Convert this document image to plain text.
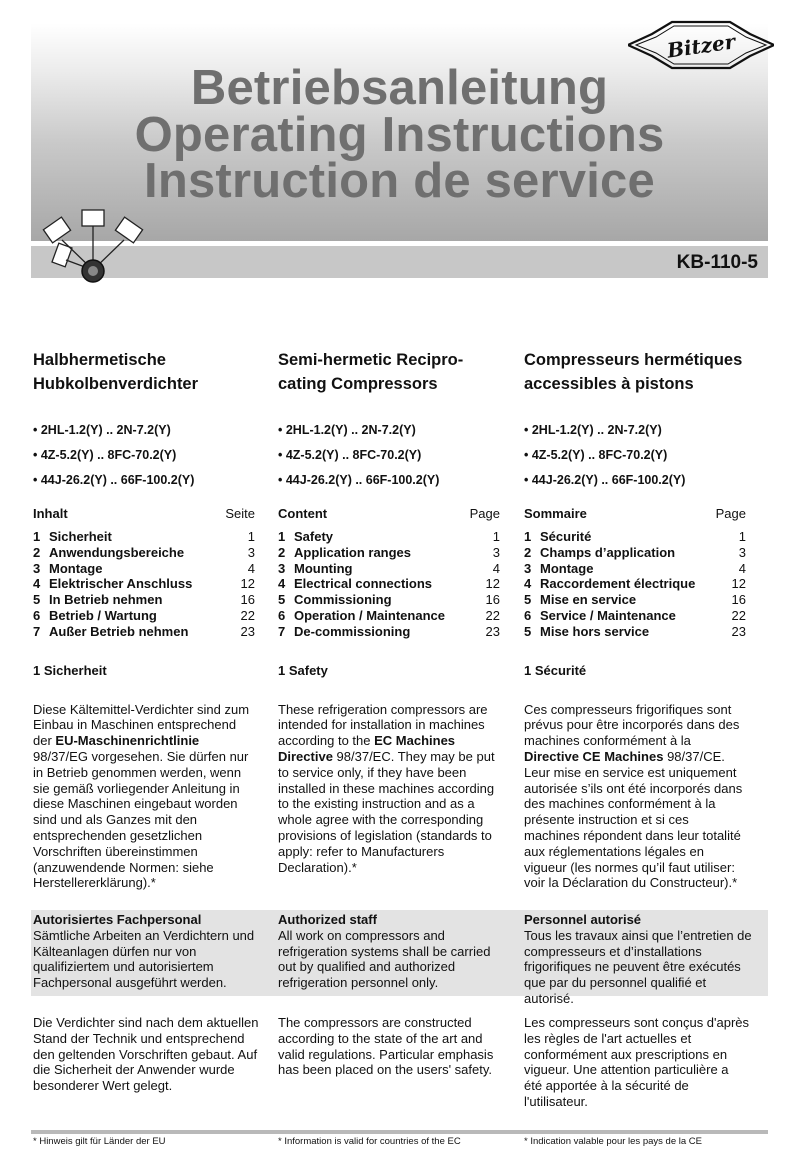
Betriebsanleitung
Operating Instructions
Instruction de service
Bitzer
KB-110-5
Halbhermetische
Hubkolbenverdichter
• 2HL-1.2(Y) .. 2N-7.2(Y)
• 4Z-5.2(Y) .. 8FC-70.2(Y)
• 44J-26.2(Y) .. 66F-100.2(Y)
Inhalt	Seite
1 Sicherheit	1
2 Anwendungsbereiche	3
3 Montage	4
4 Elektrischer Anschluss	12
5 In Betrieb nehmen	16
6 Betrieb / Wartung	22
7 Außer Betrieb nehmen	23
1 Sicherheit
Diese Kältemittel-Verdichter sind zum Einbau in Maschinen entsprechend der EU-Maschinenrichtlinie 98/37/EG vorgesehen. Sie dürfen nur in Betrieb genommen werden, wenn sie gemäß vorliegender Anleitung in diese Maschinen eingebaut worden sind und als Ganzes mit den entsprechenden gesetzlichen Vorschriften übereinstimmen (anzuwendende Normen: siehe Herstellererklärung).*
Semi-hermetic Recipro-
cating Compressors
• 2HL-1.2(Y) .. 2N-7.2(Y)
• 4Z-5.2(Y) .. 8FC-70.2(Y)
• 44J-26.2(Y) .. 66F-100.2(Y)
Content	Page
1 Safety	1
2 Application ranges	3
3 Mounting	4
4 Electrical connections	12
5 Commissioning	16
6 Operation / Maintenance	22
7 De-commissioning	23
1 Safety
These refrigeration compressors are intended for installation in machines according to the EC Machines Directive 98/37/EC. They may be put to service only, if they have been installed in these machines according to the existing instruction and as a whole agree with the corresponding provisions of legislation (standards to apply: refer to Manufacturers Declaration).*
Compresseurs hermétiques
accessibles à pistons
• 2HL-1.2(Y) .. 2N-7.2(Y)
• 4Z-5.2(Y) .. 8FC-70.2(Y)
• 44J-26.2(Y) .. 66F-100.2(Y)
Sommaire	Page
1 Sécurité	1
2 Champs d’application	3
3 Montage	4
4 Raccordement électrique	12
5 Mise en service	16
6 Service / Maintenance	22
5 Mise hors service	23
1 Sécurité
Ces compresseurs frigorifiques sont prévus pour être incorporés dans des machines conformément à la Directive CE Machines 98/37/CE. Leur mise en service est uniquement autorisée s’ils ont été incorporés dans des machines conformément à la présente instruction et si ces machines répondent dans leur totalité aux réglementations légales en vigueur (les normes qu’il faut utiliser: voir la Déclaration du Constructeur).*
Autorisiertes Fachpersonal
Sämtliche Arbeiten an Verdichtern und Kälteanlagen dürfen nur von qualifiziertem und autorisiertem Fachpersonal ausgeführt werden.
Authorized staff
All work on compressors and refrigeration systems shall be carried out by qualified and authorized refrigeration personnel only.
Personnel autorisé
Tous les travaux ainsi que l’entretien de compresseurs et d’installations frigorifiques ne peuvent être exécutés que par du personnel qualifié et autorisé.
Die Verdichter sind nach dem aktuellen Stand der Technik und entsprechend den geltenden Vorschriften gebaut. Auf die Sicherheit der Anwender wurde besonderer Wert gelegt.
The compressors are constructed according to the state of the art and valid regulations. Particular emphasis has been placed on the users' safety.
Les compresseurs sont conçus d'après les règles de l'art actuelles et conformément aux prescriptions en vigueur. Une attention particulière a été apportée à la sécurité de l'utilisateur.
* Hinweis gilt für Länder der EU	* Information is valid for countries of the EC	* Indication valable pour les pays de la CE
